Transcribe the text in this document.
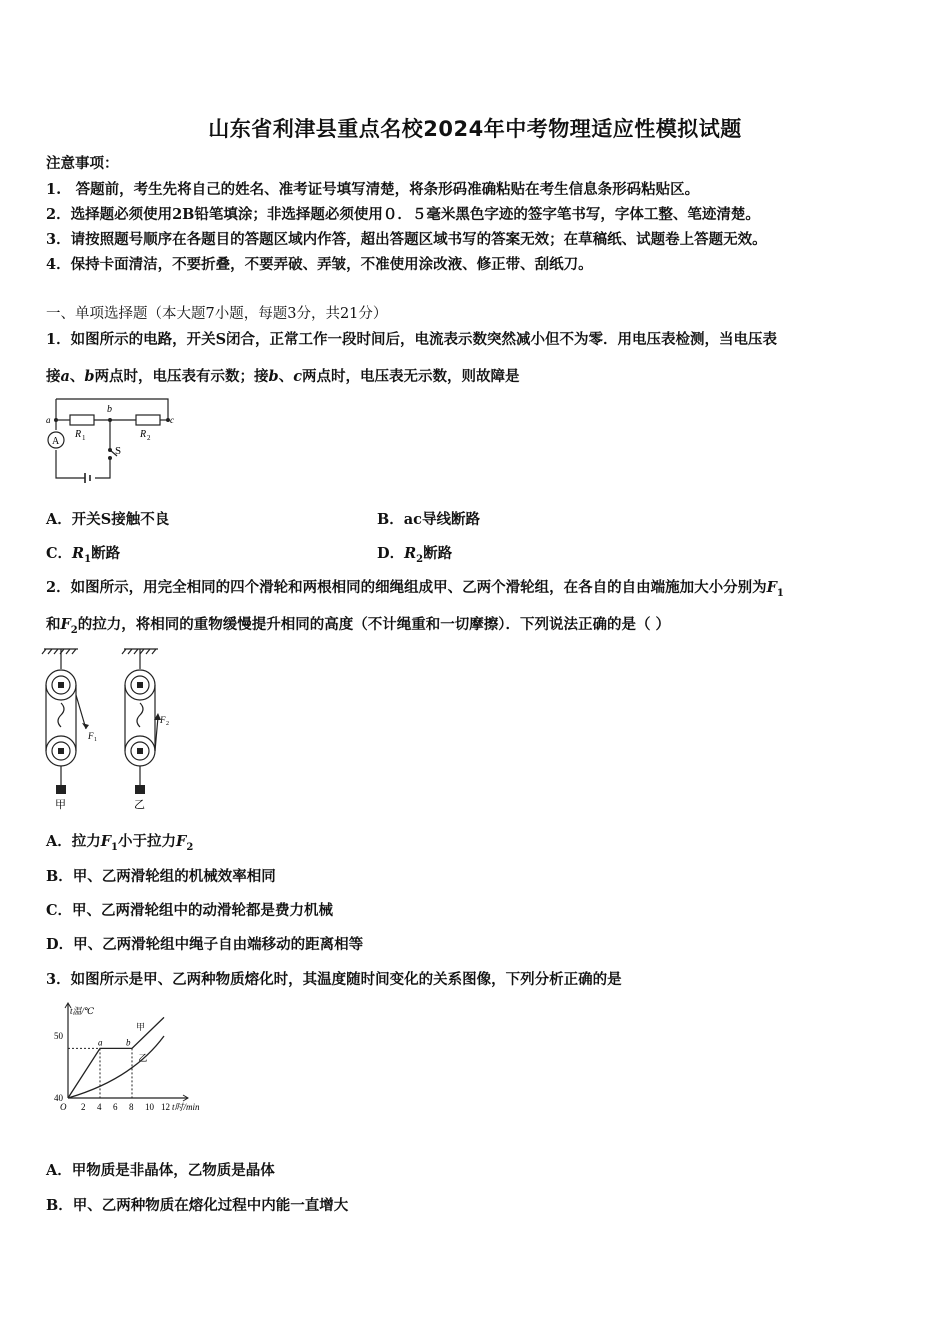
山东省利津县重点名校2024年中考物理适应性模拟试题
注意事项：
1.　答题前，考生先将自己的姓名、准考证号填写清楚，将条形码准确粘贴在考生信息条形码粘贴区。
2．选择题必须使用2B铅笔填涂；非选择题必须使用０．５毫米黑色字迹的签字笔书写，字体工整、笔迹清楚。
3．请按照题号顺序在各题目的答题区域内作答，超出答题区域书写的答案无效；在草稿纸、试题卷上答题无效。
4．保持卡面清洁，不要折叠，不要弄破、弄皱，不准使用涂改液、修正带、刮纸刀。
一、单项选择题（本大题7小题，每题3分，共21分）
1．如图所示的电路，开关S闭合，正常工作一段时间后，电流表示数突然减小但不为零．用电压表检测，当电压表
接a、b两点时，电压表有示数；接b、c两点时，电压表无示数，则故障是
a
b
c
R 1	R 2
A
S
A．开关S接触不良	B．ac导线断路
C．$R_1$断路	D．$R_2$断路
2．如图所示，用完全相同的四个滑轮和两根相同的细绳组成甲、乙两个滑轮组，在各自的自由端施加大小分别为$F_1$
和$F_2$的拉力，将相同的重物缓慢提升相同的高度（不计绳重和一切摩擦）．下列说法正确的是（ ）
F 1
F 2
甲	乙
A．拉力$F_1$小于拉力$F_2$
B．甲、乙两滑轮组的机械效率相同
C．甲、乙两滑轮组中的动滑轮都是费力机械
D．甲、乙两滑轮组中绳子自由端移动的距离相等
3．如图所示是甲、乙两种物质熔化时，其温度随时间变化的关系图像，下列分析正确的是
t温/℃
t时/min
O
50
40
2 4 6 8 10 12
a	b
甲
乙
A．甲物质是非晶体，乙物质是晶体
B．甲、乙两种物质在熔化过程中内能一直增大
